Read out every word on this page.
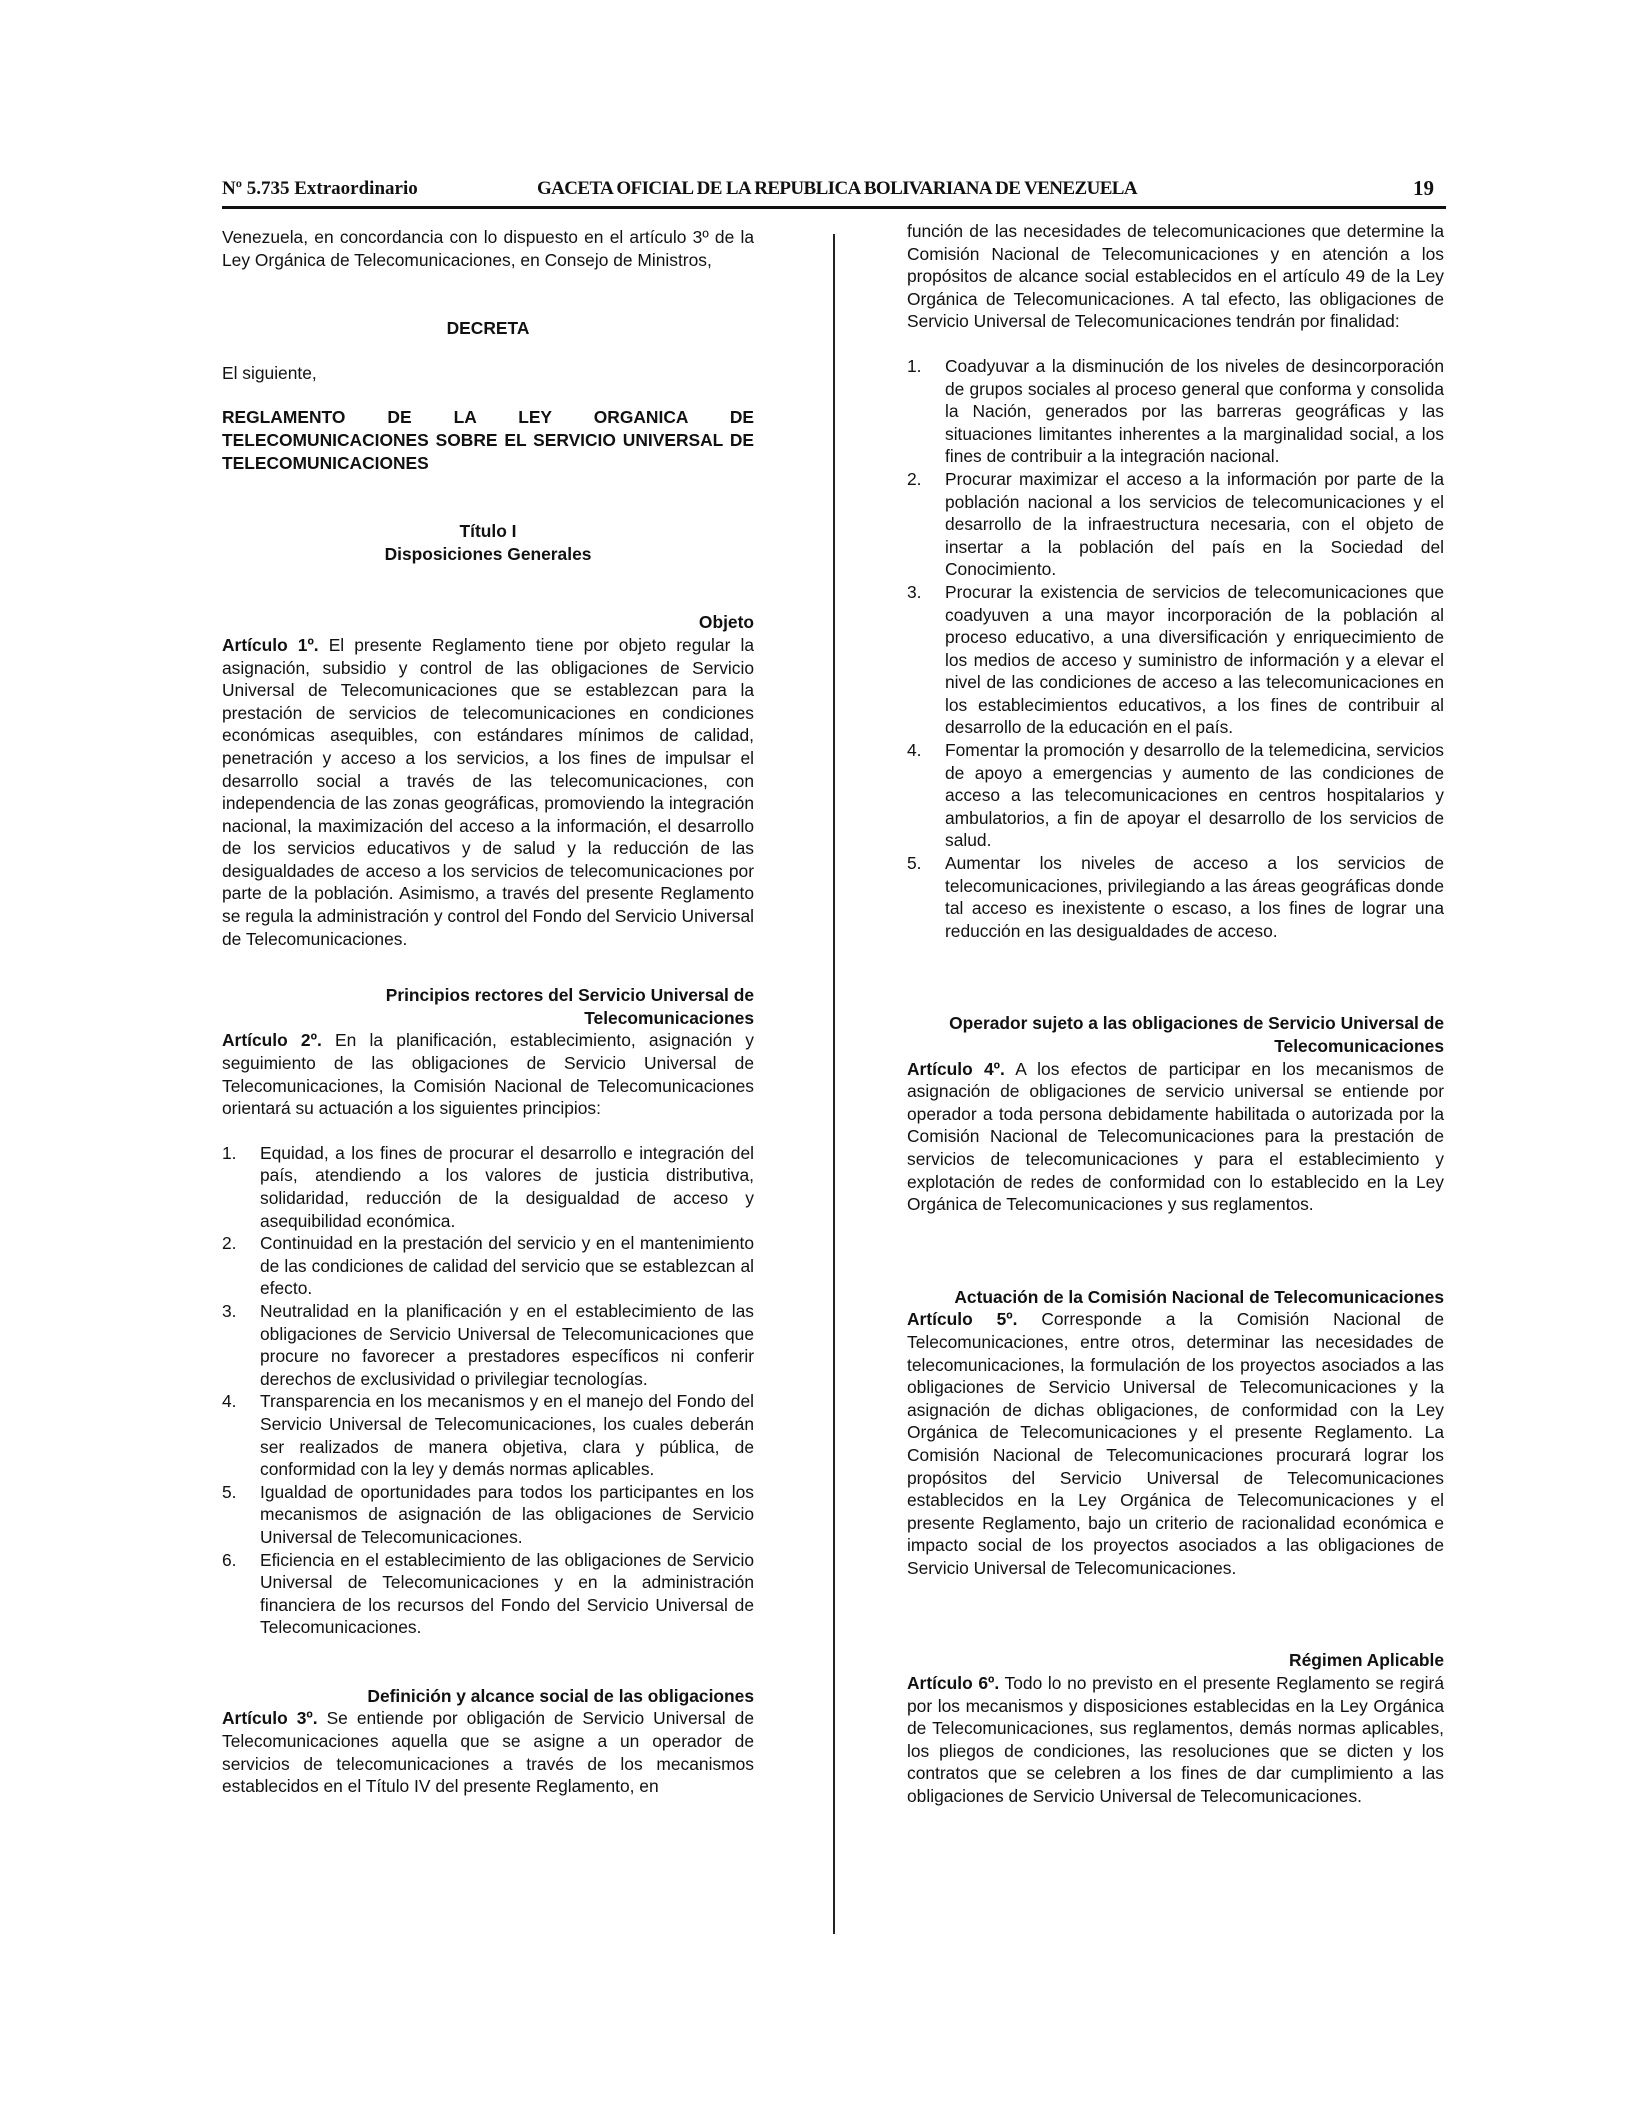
Nº 5.735 Extraordinario	GACETA OFICIAL DE LA REPUBLICA BOLIVARIANA DE VENEZUELA	19

Venezuela, en concordancia con lo dispuesto en el artículo 3º de la Ley Orgánica de Telecomunicaciones, en Consejo de Ministros,

DECRETA

El siguiente,

REGLAMENTO DE LA LEY ORGANICA DE TELECOMUNICACIONES SOBRE EL SERVICIO UNIVERSAL DE TELECOMUNICACIONES

Título I

Disposiciones Generales

Objeto

Artículo 1º. El presente Reglamento tiene por objeto regular la asignación, subsidio y control de las obligaciones de Servicio Universal de Telecomunicaciones que se establezcan para la prestación de servicios de telecomunicaciones en condiciones económicas asequibles, con estándares mínimos de calidad, penetración y acceso a los servicios, a los fines de impulsar el desarrollo social a través de las telecomunicaciones, con independencia de las zonas geográficas, promoviendo la integración nacional, la maximización del acceso a la información, el desarrollo de los servicios educativos y de salud y la reducción de las desigualdades de acceso a los servicios de telecomunicaciones por parte de la población. Asimismo, a través del presente Reglamento se regula la administración y control del Fondo del Servicio Universal de Telecomunicaciones.

Principios rectores del Servicio Universal de Telecomunicaciones

Artículo 2º. En la planificación, establecimiento, asignación y seguimiento de las obligaciones de Servicio Universal de Telecomunicaciones, la Comisión Nacional de Telecomunicaciones orientará su actuación a los siguientes principios:

1. Equidad, a los fines de procurar el desarrollo e integración del país, atendiendo a los valores de justicia distributiva, solidaridad, reducción de la desigualdad de acceso y asequibilidad económica.
2. Continuidad en la prestación del servicio y en el mantenimiento de las condiciones de calidad del servicio que se establezcan al efecto.
3. Neutralidad en la planificación y en el establecimiento de las obligaciones de Servicio Universal de Telecomunicaciones que procure no favorecer a prestadores específicos ni conferir derechos de exclusividad o privilegiar tecnologías.
4. Transparencia en los mecanismos y en el manejo del Fondo del Servicio Universal de Telecomunicaciones, los cuales deberán ser realizados de manera objetiva, clara y pública, de conformidad con la ley y demás normas aplicables.
5. Igualdad de oportunidades para todos los participantes en los mecanismos de asignación de las obligaciones de Servicio Universal de Telecomunicaciones.
6. Eficiencia en el establecimiento de las obligaciones de Servicio Universal de Telecomunicaciones y en la administración financiera de los recursos del Fondo del Servicio Universal de Telecomunicaciones.

Definición y alcance social de las obligaciones

Artículo 3º. Se entiende por obligación de Servicio Universal de Telecomunicaciones aquella que se asigne a un operador de servicios de telecomunicaciones a través de los mecanismos establecidos en el Título IV del presente Reglamento, en

función de las necesidades de telecomunicaciones que determine la Comisión Nacional de Telecomunicaciones y en atención a los propósitos de alcance social establecidos en el artículo 49 de la Ley Orgánica de Telecomunicaciones. A tal efecto, las obligaciones de Servicio Universal de Telecomunicaciones tendrán por finalidad:

1. Coadyuvar a la disminución de los niveles de desincorporación de grupos sociales al proceso general que conforma y consolida la Nación, generados por las barreras geográficas y las situaciones limitantes inherentes a la marginalidad social, a los fines de contribuir a la integración nacional.
2. Procurar maximizar el acceso a la información por parte de la población nacional a los servicios de telecomunicaciones y el desarrollo de la infraestructura necesaria, con el objeto de insertar a la población del país en la Sociedad del Conocimiento.
3. Procurar la existencia de servicios de telecomunicaciones que coadyuven a una mayor incorporación de la población al proceso educativo, a una diversificación y enriquecimiento de los medios de acceso y suministro de información y a elevar el nivel de las condiciones de acceso a las telecomunicaciones en los establecimientos educativos, a los fines de contribuir al desarrollo de la educación en el país.
4. Fomentar la promoción y desarrollo de la telemedicina, servicios de apoyo a emergencias y aumento de las condiciones de acceso a las telecomunicaciones en centros hospitalarios y ambulatorios, a fin de apoyar el desarrollo de los servicios de salud.
5. Aumentar los niveles de acceso a los servicios de telecomunicaciones, privilegiando a las áreas geográficas donde tal acceso es inexistente o escaso, a los fines de lograr una reducción en las desigualdades de acceso.

Operador sujeto a las obligaciones de Servicio Universal de Telecomunicaciones

Artículo 4º. A los efectos de participar en los mecanismos de asignación de obligaciones de servicio universal se entiende por operador a toda persona debidamente habilitada o autorizada por la Comisión Nacional de Telecomunicaciones para la prestación de servicios de telecomunicaciones y para el establecimiento y explotación de redes de conformidad con lo establecido en la Ley Orgánica de Telecomunicaciones y sus reglamentos.

Actuación de la Comisión Nacional de Telecomunicaciones

Artículo 5º. Corresponde a la Comisión Nacional de Telecomunicaciones, entre otros, determinar las necesidades de telecomunicaciones, la formulación de los proyectos asociados a las obligaciones de Servicio Universal de Telecomunicaciones y la asignación de dichas obligaciones, de conformidad con la Ley Orgánica de Telecomunicaciones y el presente Reglamento. La Comisión Nacional de Telecomunicaciones procurará lograr los propósitos del Servicio Universal de Telecomunicaciones establecidos en la Ley Orgánica de Telecomunicaciones y el presente Reglamento, bajo un criterio de racionalidad económica e impacto social de los proyectos asociados a las obligaciones de Servicio Universal de Telecomunicaciones.

Régimen Aplicable

Artículo 6º. Todo lo no previsto en el presente Reglamento se regirá por los mecanismos y disposiciones establecidas en la Ley Orgánica de Telecomunicaciones, sus reglamentos, demás normas aplicables, los pliegos de condiciones, las resoluciones que se dicten y los contratos que se celebren a los fines de dar cumplimiento a las obligaciones de Servicio Universal de Telecomunicaciones.
